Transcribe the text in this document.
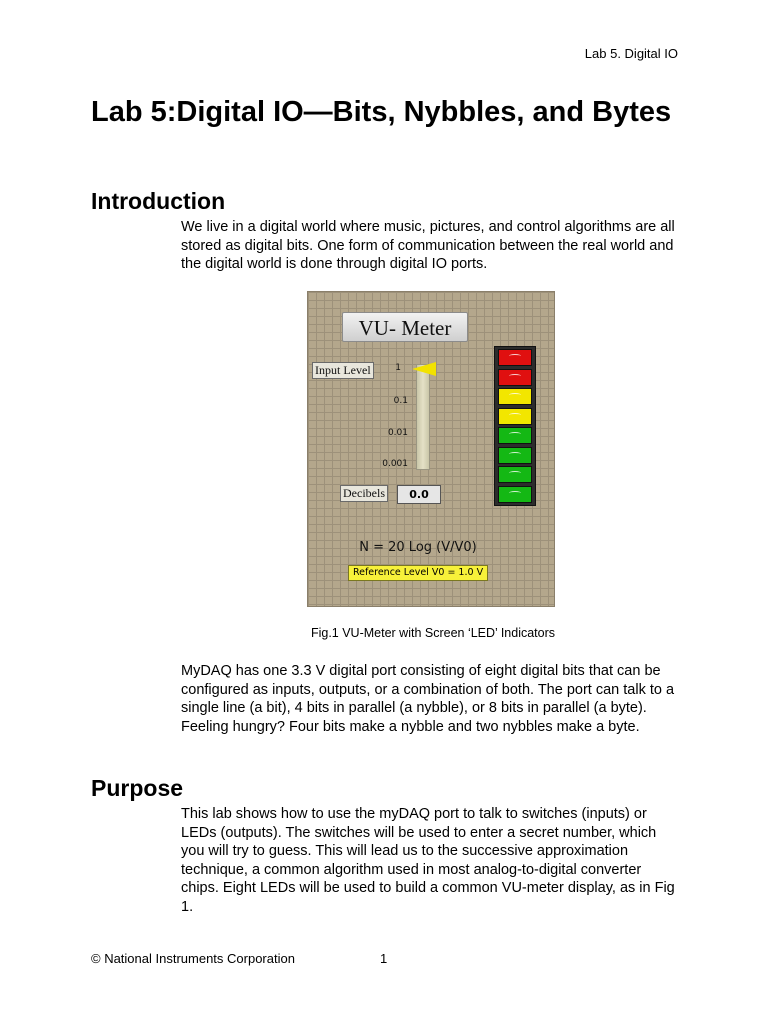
Lab 5. Digital IO
Lab 5:Digital IO—Bits, Nybbles, and Bytes
Introduction

We live in a digital world where music, pictures, and control algorithms are all stored as digital bits. One form of communication between the real world and the digital world is done through digital IO ports.

VU- Meter
Input Level	1
0.1
0.01
0.001
Decibels	0.0
N = 20 Log (V/V0)
Reference Level V0 = 1.0 V
Fig.1 VU-Meter with Screen ‘LED’ Indicators

MyDAQ has one 3.3 V digital port consisting of eight digital bits that can be configured as inputs, outputs, or a combination of both. The port can talk to a single line (a bit), 4 bits in parallel (a nybble), or 8 bits in parallel (a byte). Feeling hungry? Four bits make a nybble and two nybbles make a byte.

Purpose

This lab shows how to use the myDAQ port to talk to switches (inputs) or LEDs (outputs). The switches will be used to enter a secret number, which you will try to guess. This will lead us to the successive approximation technique, a common algorithm used in most analog-to-digital converter chips. Eight LEDs will be used to build a common VU-meter display, as in Fig 1.

© National Instruments Corporation	1
